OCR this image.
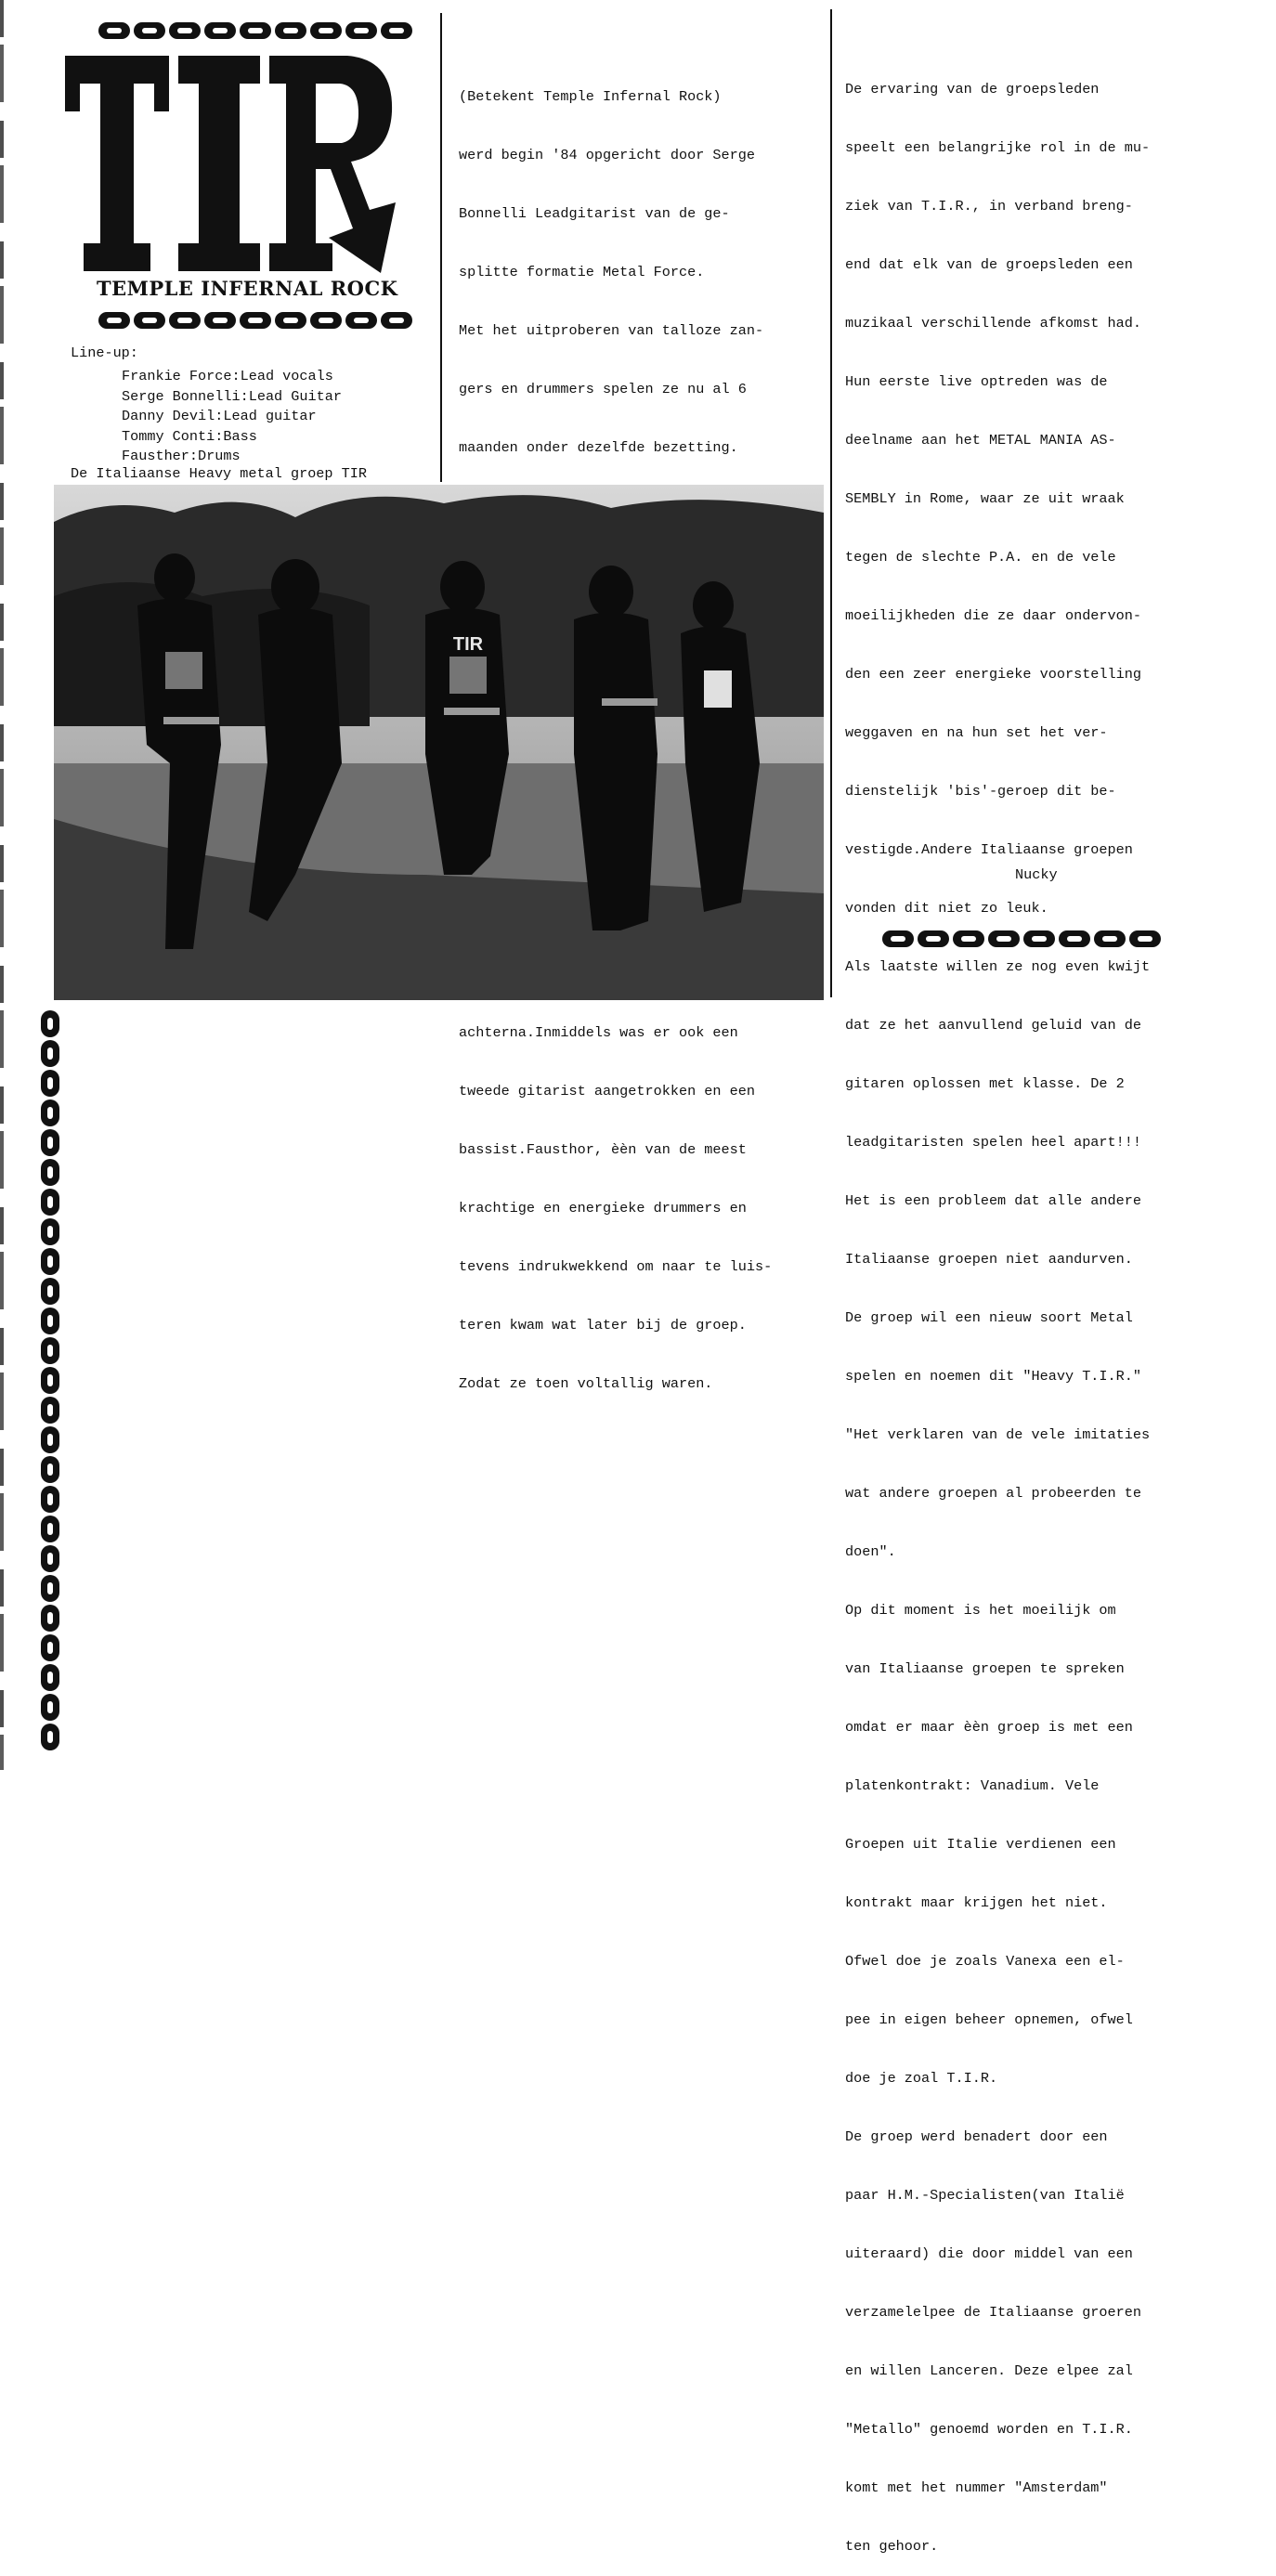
TIR
TEMPLE INFERNAL ROCK
Line-up:
Frankie Force:Lead vocals
Serge Bonnelli:Lead Guitar
Danny Devil:Lead guitar
Tommy Conti:Bass
Fausther:Drums
De Italiaanse Heavy metal groep TIR

(Betekent Temple Infernal Rock)

werd begin '84 opgericht door Serge

Bonnelli Leadgitarist van de ge-

splitte formatie Metal Force.

Met het uitproberen van talloze zan-

gers en drummers spelen ze nu al 6

maanden onder dezelfde bezetting.

achterna.Inmiddels was er ook een

tweede gitarist aangetrokken en een

bassist.Fausthor, èèn van de meest

krachtige en energieke drummers en

tevens indrukwekkend om naar te luis-

teren kwam wat later bij de groep.

Zodat ze toen voltallig waren.

De ervaring van de groepsleden

speelt een belangrijke rol in de mu-

ziek van T.I.R., in verband breng-

end dat elk van de groepsleden een

muzikaal verschillende afkomst had.

Hun eerste live optreden was de

deelname aan het METAL MANIA AS-

SEMBLY in Rome, waar ze uit wraak

tegen de slechte P.A. en de vele

moeilijkheden die ze daar ondervon-

den een zeer energieke voorstelling

weggaven en na hun set het ver-

dienstelijk 'bis'-geroep dit be-

vestigde.Andere Italiaanse groepen

vonden dit niet zo leuk.

Als laatste willen ze nog even kwijt

dat ze het aanvullend geluid van de

gitaren oplossen met klasse. De 2

leadgitaristen spelen heel apart!!!

Het is een probleem dat alle andere

Italiaanse groepen niet aandurven.

De groep wil een nieuw soort Metal

spelen en noemen dit "Heavy T.I.R."

"Het verklaren van de vele imitaties

wat andere groepen al probeerden te

doen".

Op dit moment is het moeilijk om

van Italiaanse groepen te spreken

omdat er maar èèn groep is met een

platenkontrakt: Vanadium. Vele

Groepen uit Italie verdienen een

kontrakt maar krijgen het niet.

Ofwel doe je zoals Vanexa een el-

pee in eigen beheer opnemen, ofwel

doe je zoal T.I.R.

De groep werd benadert door een

paar H.M.-Specialisten(van Italië

uiteraard) die door middel van een

verzamelelpee de Italiaanse groeren

en willen Lanceren. Deze elpee zal

"Metallo" genoemd worden en T.I.R.

komt met het nummer "Amsterdam"

ten gehoor.

Nucky
TIR
